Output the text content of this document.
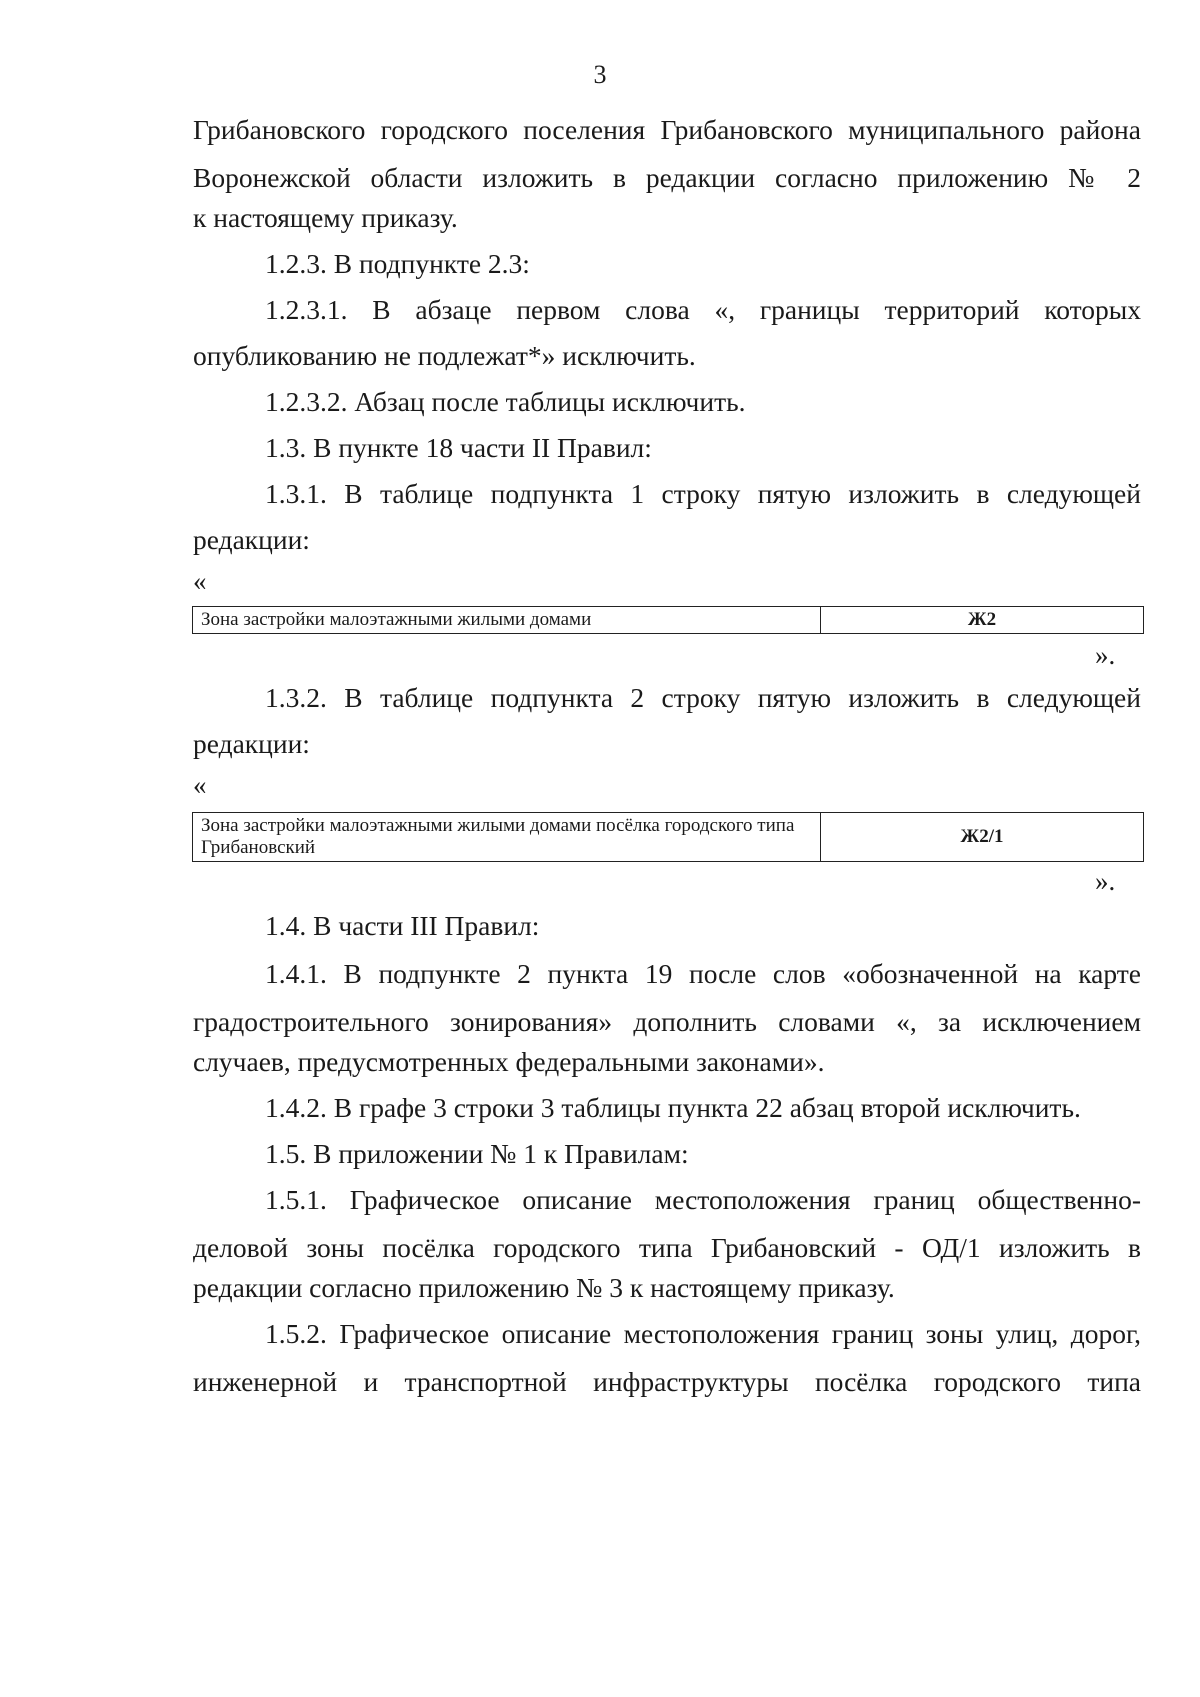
3

Грибановского городского поселения Грибановского муниципального района Воронежской области изложить в редакции согласно приложению № 2

к настоящему приказу.

1.2.3. В подпункте 2.3:

1.2.3.1. В абзаце первом слова «, границы территорий которых

опубликованию не подлежат*» исключить.

1.2.3.2. Абзац после таблицы исключить.

1.3. В пункте 18 части II Правил:

1.3.1. В таблице подпункта 1 строку пятую изложить в следующей

редакции:

«
Зона застройки малоэтажными жилыми домами	Ж2
».

1.3.2. В таблице подпункта 2 строку пятую изложить в следующей

редакции:

«
Зона застройки малоэтажными жилыми домами посёлка городского типа Грибановский	Ж2/1
».

1.4. В части III Правил:

1.4.1. В подпункте 2 пункта 19 после слов «обозначенной на карте градостроительного зонирования» дополнить словами «, за исключением

случаев, предусмотренных федеральными законами».

1.4.2. В графе 3 строки 3 таблицы пункта 22 абзац второй исключить.

1.5. В приложении № 1 к Правилам:

1.5.1. Графическое описание местоположения границ общественно-деловой зоны посёлка городского типа Грибановский - ОД/1 изложить в

редакции согласно приложению № 3 к настоящему приказу.

1.5.2. Графическое описание местоположения границ зоны улиц, дорог, инженерной и транспортной инфраструктуры посёлка городского типа
